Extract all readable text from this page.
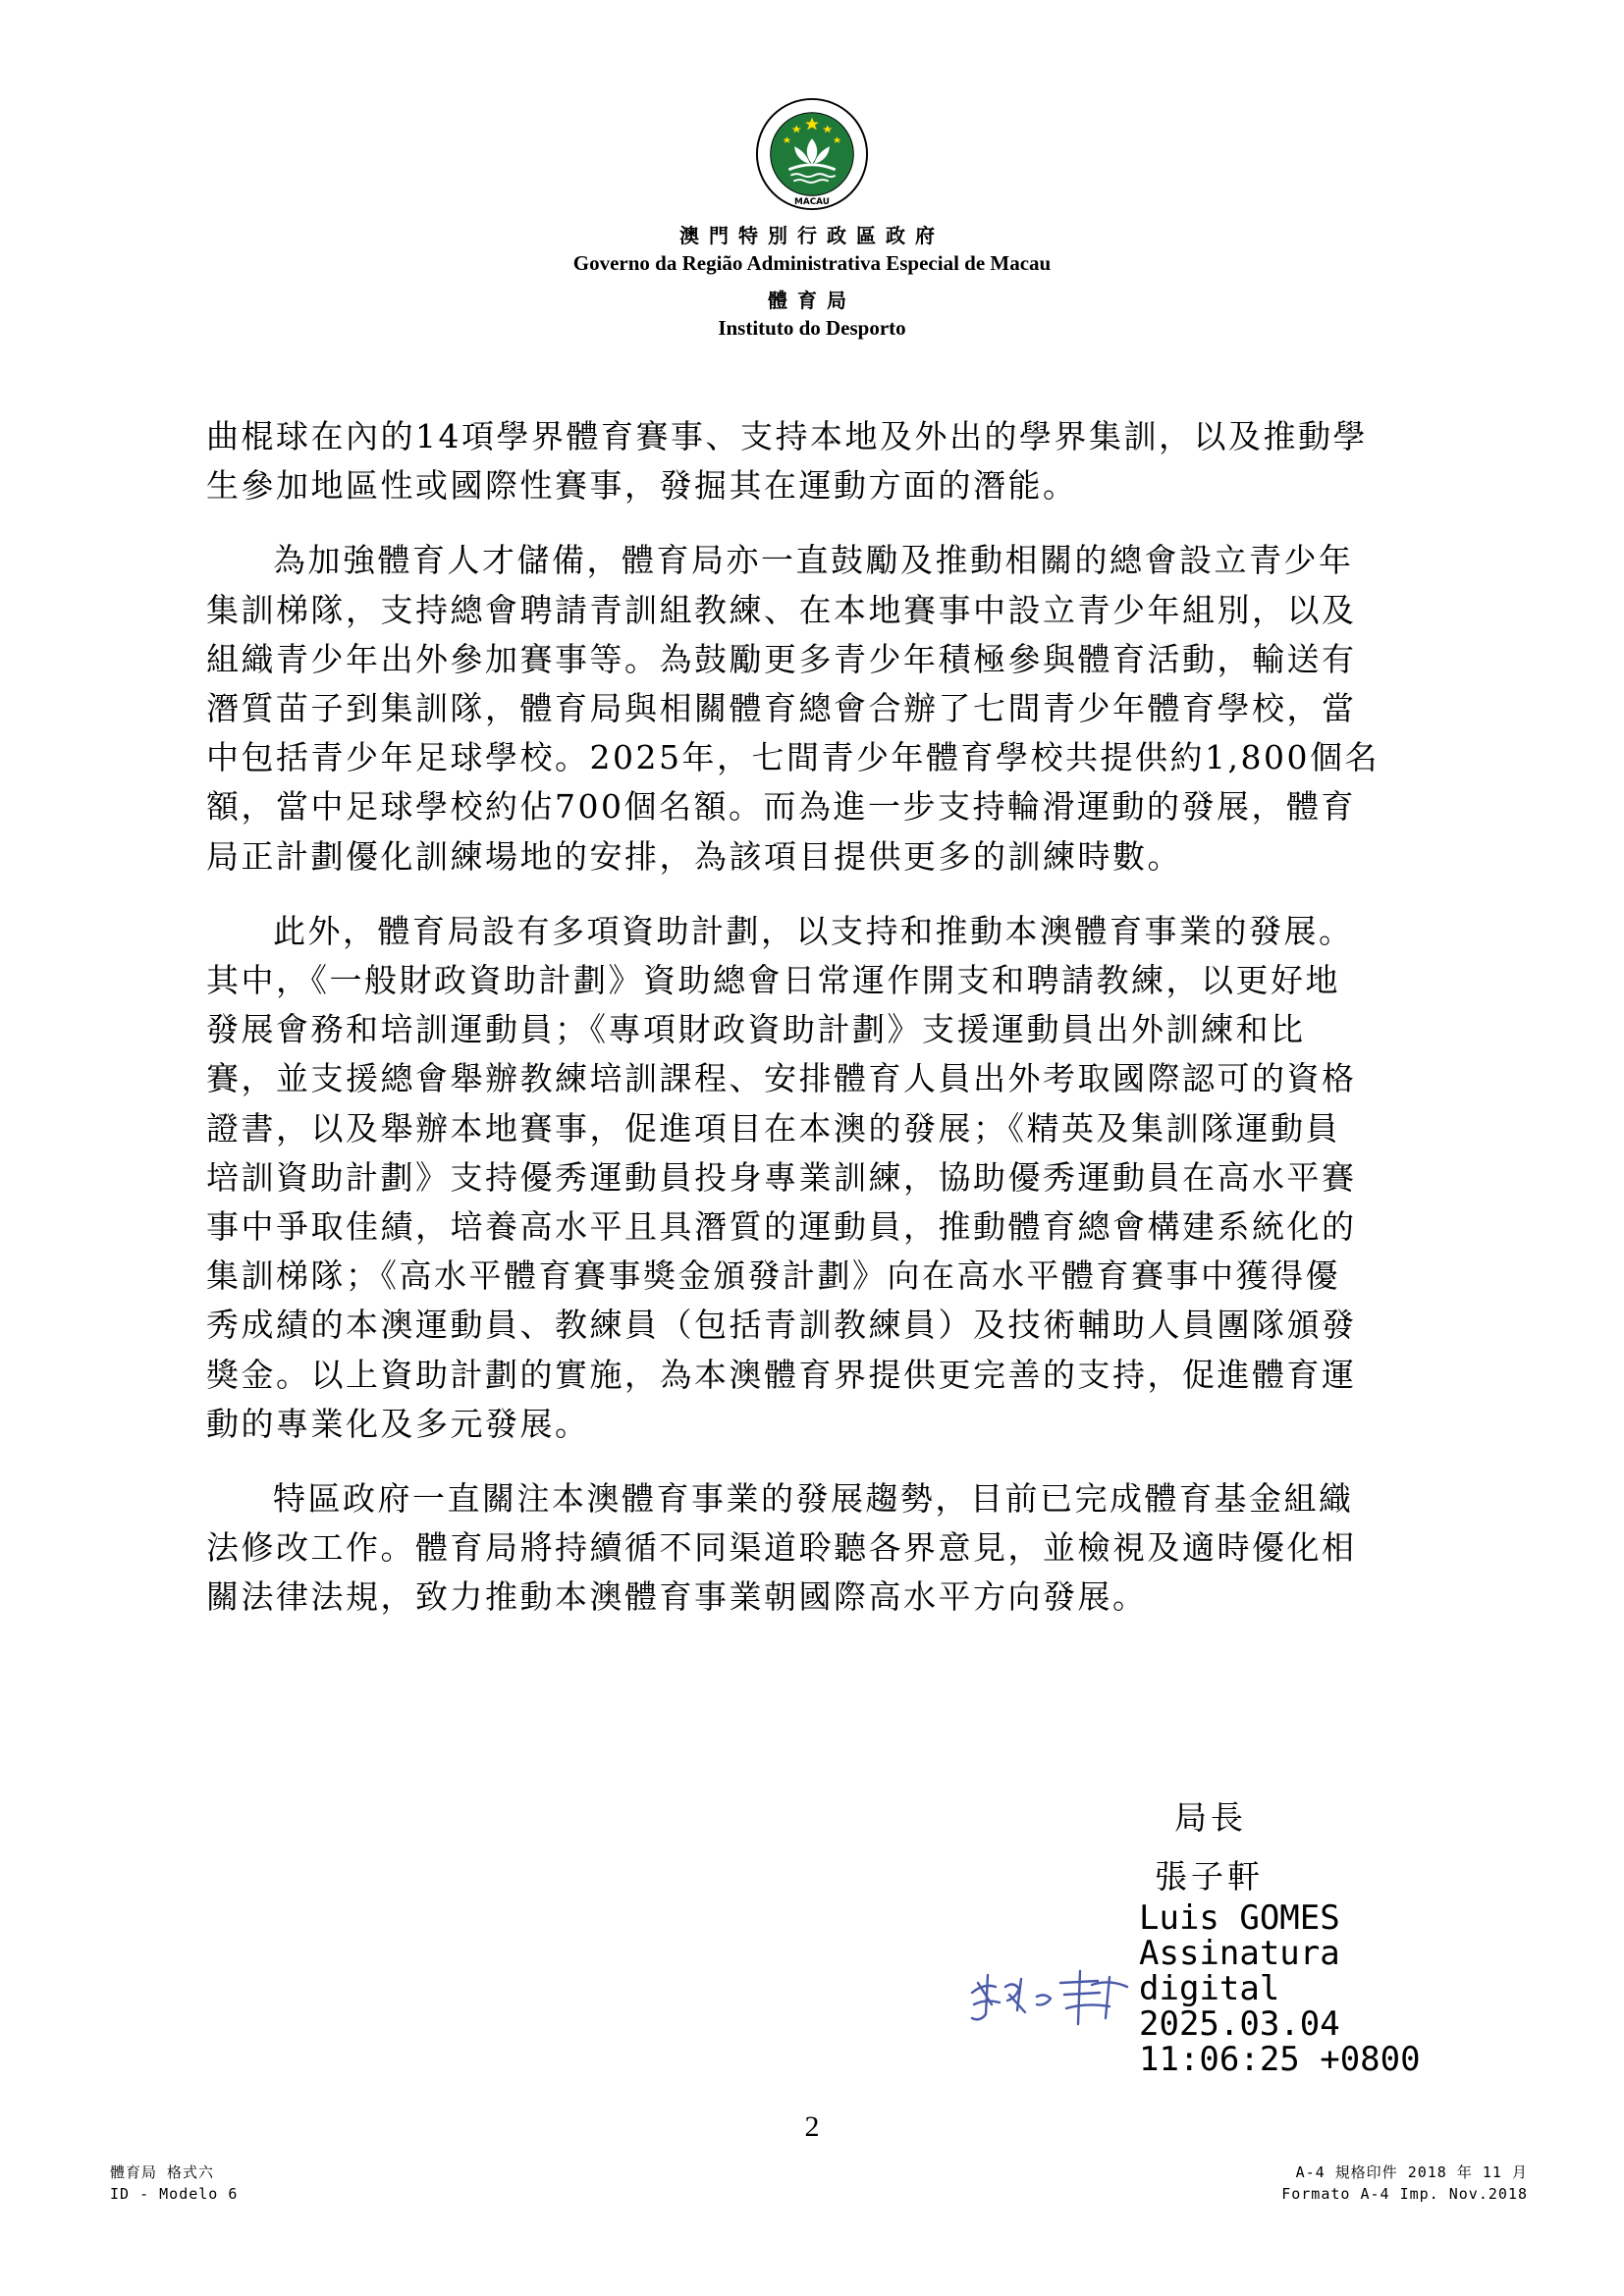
MACAU
澳門特別行政區政府
Governo da Região Administrativa Especial de Macau
體育局
Instituto do Desporto

曲棍球在內的14項學界體育賽事、支持本地及外出的學界集訓，以及推動學
生參加地區性或國際性賽事，發掘其在運動方面的潛能。

為加強體育人才儲備，體育局亦一直鼓勵及推動相關的總會設立青少年
集訓梯隊，支持總會聘請青訓組教練、在本地賽事中設立青少年組別，以及
組織青少年出外參加賽事等。為鼓勵更多青少年積極參與體育活動，輸送有
潛質苗子到集訓隊，體育局與相關體育總會合辦了七間青少年體育學校，當
中包括青少年足球學校。2025年，七間青少年體育學校共提供約1,800個名
額，當中足球學校約佔700個名額。而為進一步支持輪滑運動的發展，體育
局正計劃優化訓練場地的安排，為該項目提供更多的訓練時數。

此外，體育局設有多項資助計劃，以支持和推動本澳體育事業的發展。
其中，《一般財政資助計劃》資助總會日常運作開支和聘請教練，以更好地
發展會務和培訓運動員；《專項財政資助計劃》支援運動員出外訓練和比
賽，並支援總會舉辦教練培訓課程、安排體育人員出外考取國際認可的資格
證書，以及舉辦本地賽事，促進項目在本澳的發展；《精英及集訓隊運動員
培訓資助計劃》支持優秀運動員投身專業訓練，協助優秀運動員在高水平賽
事中爭取佳績，培養高水平且具潛質的運動員，推動體育總會構建系統化的
集訓梯隊；《高水平體育賽事獎金頒發計劃》向在高水平體育賽事中獲得優
秀成績的本澳運動員、教練員（包括青訓教練員）及技術輔助人員團隊頒發
獎金。以上資助計劃的實施，為本澳體育界提供更完善的支持，促進體育運
動的專業化及多元發展。

特區政府一直關注本澳體育事業的發展趨勢，目前已完成體育基金組織
法修改工作。體育局將持續循不同渠道聆聽各界意見，並檢視及適時優化相
關法律法規，致力推動本澳體育事業朝國際高水平方向發展。

局長
張子軒
Luis GOMES
Assinatura
digital
2025.03.04
11:06:25 +0800
2
體育局 格式六
ID - Modelo 6
A-4 規格印件 2018 年 11 月
Formato A-4 Imp. Nov.2018
